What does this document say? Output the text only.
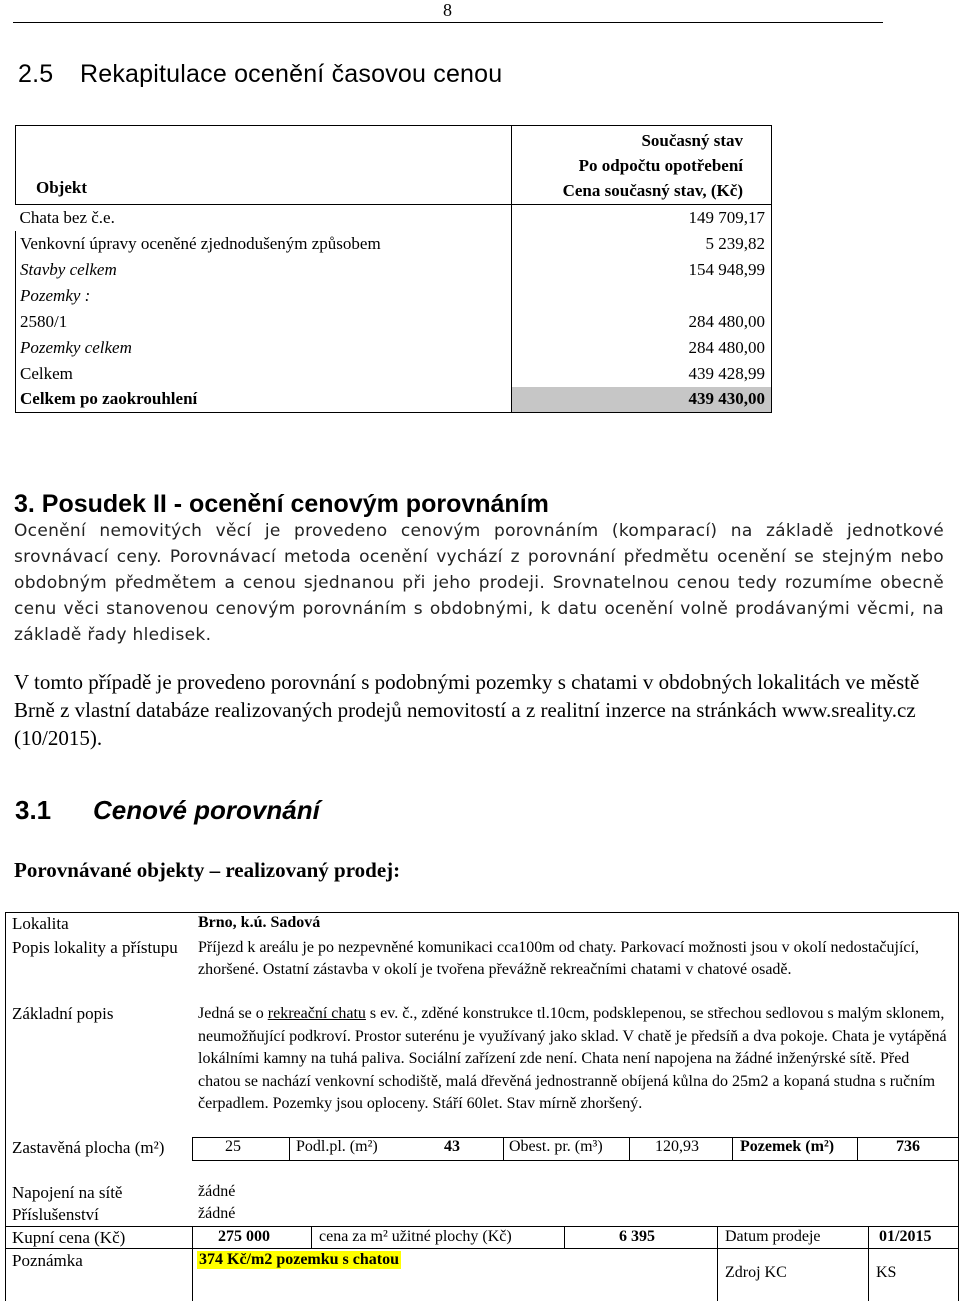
8
2.5 Rekapitulace ocenění časovou cenou
Objekt	Současný stav
Po odpočtu opotřebení
Cena současný stav, (Kč)

Chata bez č.e.	149 709,17
Venkovní úpravy oceněné zjednodušeným způsobem	5 239,82
Stavby celkem	154 948,99
Pozemky :	
2580/1	284 480,00
Pozemky celkem	284 480,00
Celkem	439 428,99
Celkem po zaokrouhlení	439 430,00
3. Posudek II - ocenění cenovým porovnáním
Ocenění nemovitých věcí je provedeno cenovým porovnáním (komparací) na základě jednotkové srovnávací ceny. Porovnávací metoda ocenění vychází z porovnání předmětu ocenění se stejným nebo obdobným předmětem a cenou sjednanou při jeho prodeji. Srovnatelnou cenou tedy rozumíme obecně cenu věci stanovenou cenovým porovnáním s obdobnými, k datu ocenění volně prodávanými věcmi, na základě řady hledisek.
V tomto případě je provedeno porovnání s podobnými pozemky s chatami v obdobných lokalitách ve městě Brně z vlastní databáze realizovaných prodejů nemovitostí a z realitní inzerce na stránkách www.sreality.cz (10/2015).
3.1 Cenové porovnání
Porovnávané objekty – realizovaný prodej:
Lokalita	Brno, k.ú. Sadová
Popis lokality a přístupu Příjezd k areálu je po nezpevněné komunikaci cca100m od chaty. Parkovací možnosti jsou v okolí nedostačující, zhoršené. Ostatní zástavba v okolí je tvořena převážně rekreačními chatami v chatové osadě.
Základní popis	Jedná se o rekreační chatu s ev. č., zděné konstrukce tl.10cm, podsklepenou, se střechou sedlovou s malým sklonem, neumožňující podkroví. Prostor suterénu je využívaný jako sklad. V chatě je předsíň a dva pokoje. Chata je vytápěná lokálními kamny na tuhá paliva. Sociální zařízení zde není. Chata není napojena na žádné inženýrské sítě. Před chatou se nachází venkovní schodiště, malá dřevěná jednostranně obíjená kůlna do 25m2 a kopaná studna s ručním čerpadlem. Pozemky jsou oploceny. Stáří 60let. Stav mírně zhoršený.
Zastavěná plocha (m²)	25	Podl.pl. (m²)	43	Obest. pr. (m³)	120,93	Pozemek (m²)	736
Napojení na sítě	žádné
Příslušenství	žádné
Kupní cena (Kč)	275 000	cena za m² užitné plochy (Kč)	6 395	Datum prodeje	01/2015
Poznámka	374 Kč/m2 pozemku s chatou
Zdroj KC	KS
